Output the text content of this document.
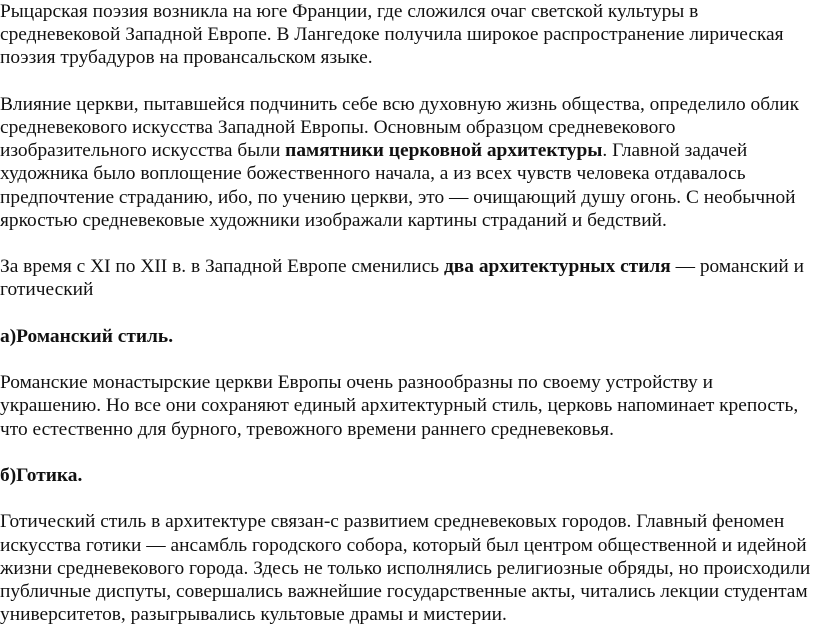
Рыцарская поэзия возникла на юге Франции, где сложился очаг светской культуры в средневековой Западной Европе. В Лангедоке получила широкое распространение лирическая поэзия трубадуров на провансальском языке.

Влияние церкви, пытавшейся подчинить себе всю духовную жизнь общества, определило облик средневекового искусства Западной Европы. Основным образцом средневекового изобразительного искусства были памятники церковной архитектуры. Главной задачей художника было воплощение божественного начала, а из всех чувств человека отдавалось предпочтение страданию, ибо, по учению церкви, это — очищающий душу огонь. С необычной яркостью средневековые художники изображали картины страданий и бедствий.

За время с XI по XII в. в Западной Европе сменились два архитектурных стиля — романский и готический

а)Романский стиль.

Романские монастырские церкви Европы очень разнообразны по своему устройству и украшению. Но все они сохраняют единый архитектурный стиль, церковь напоминает крепость, что естественно для бурного, тревожного времени раннего средневековья.

б)Готика.

Готический стиль в архитектуре связан-с развитием средневековых городов. Главный феномен искусства готики — ансамбль городского собора, который был центром общественной и идейной жизни средневекового города. Здесь не только исполнялись религиозные обряды, но происходили публичные диспуты, совершались важнейшие государственные акты, читались лекции студентам университетов, разыгрывались культовые драмы и мистерии.
